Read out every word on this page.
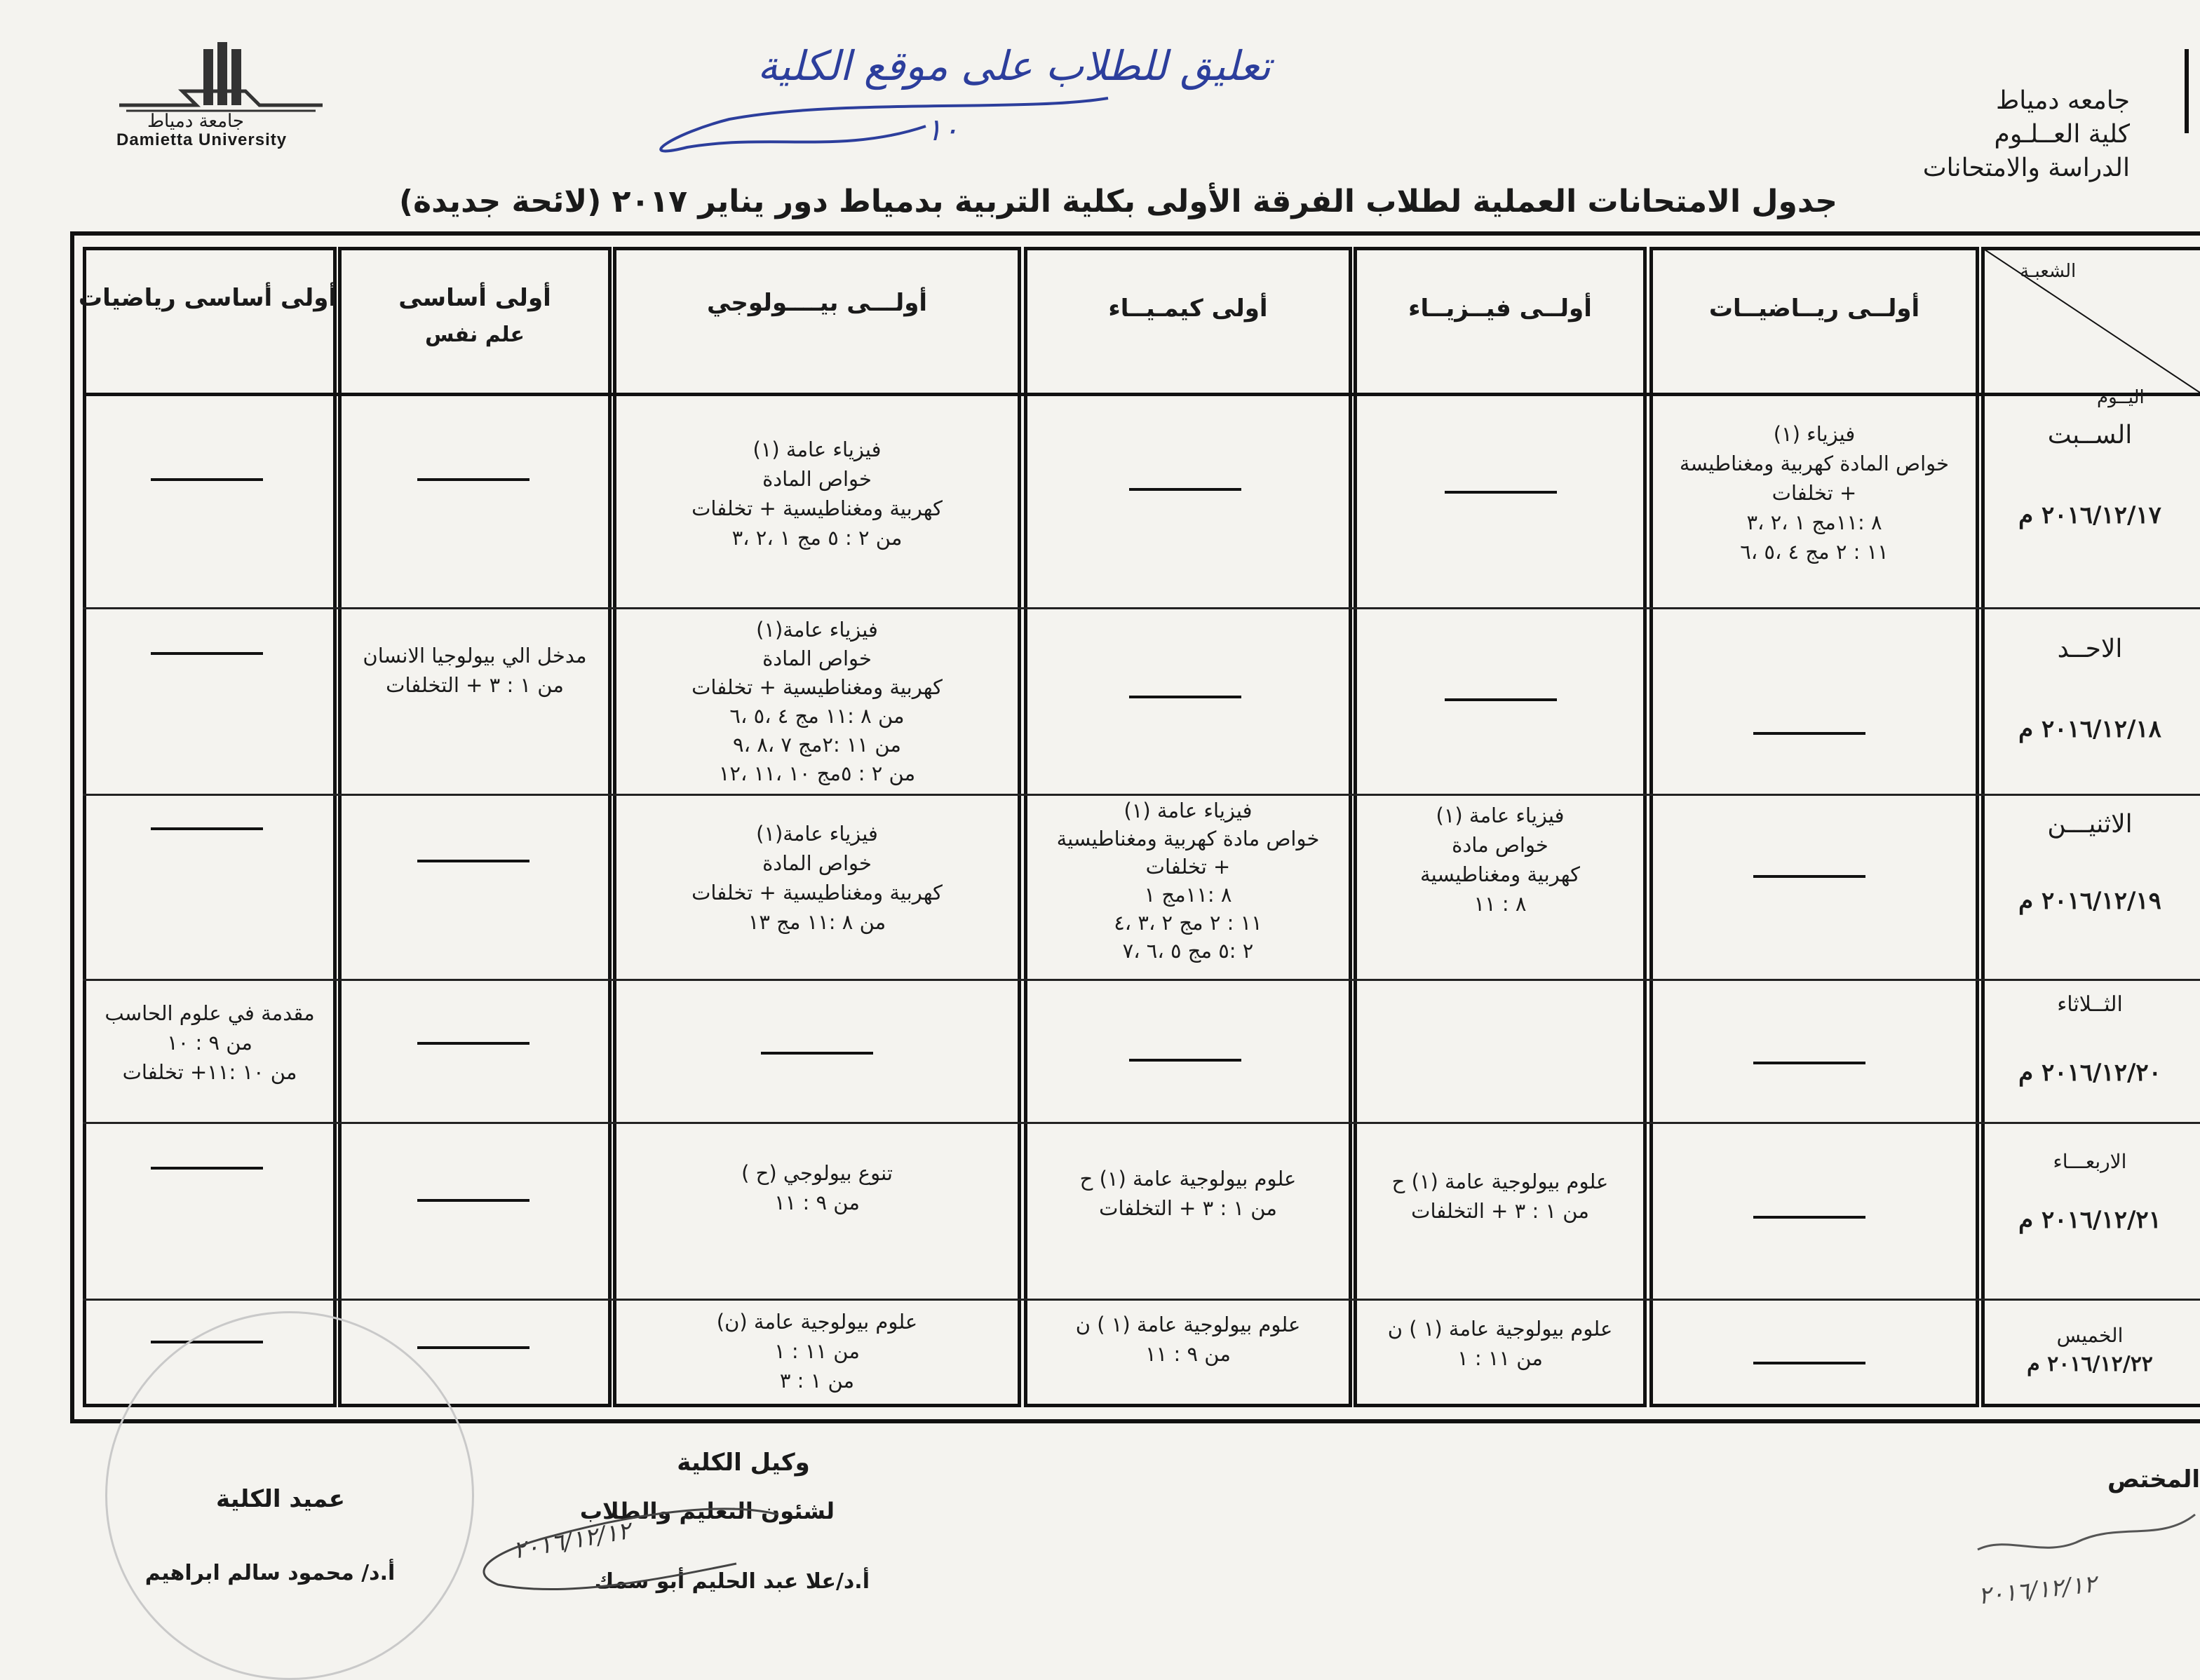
تعليق للطلاب على موقع الكلية
١٠
جامعة دمياط
Damietta University
جامعه دمياط
كلية العــلـوم
الدراسة والامتحانات
جدول الامتحانات العملية لطلاب الفرقة الأولى بكلية التربية بدمياط دور يناير ٢٠١٧ (لائحة جديدة)
الشعبـة
اليــوم
أولــى ريــاضيــات
أولــى فيــزيــاء
أولى كيمـيــاء
أولـــى بيــــولوجي
أولى أساسى
علم نفس
أولى أساسى رياضيات
الســبت
٢٠١٦/١٢/١٧ م
الاحــد
٢٠١٦/١٢/١٨ م
الاثنيـــن
٢٠١٦/١٢/١٩ م
الثــلاثاء
٢٠١٦/١٢/٢٠ م
الاربعـــاء
٢٠١٦/١٢/٢١ م
الخميس
٢٠١٦/١٢/٢٢ م
فيزياء (١)
خواص المادة كهربية ومغناطيسة
+ تخلفات
٨ :١١مج ١ ،٢ ،٣
١١ : ٢ مج ٤ ،٥ ،٦
فيزياء عامة (١)
خواص المادة
كهربية ومغناطيسية + تخلفات
من ٢ : ٥ مج ١ ،٢ ،٣
فيزياء عامة(١)
خواص المادة
كهربية ومغناطيسية + تخلفات
من ٨ :١١ مج ٤ ،٥ ،٦
من ١١ :٢مج ٧ ،٨ ،٩
من ٢ : ٥مج ١٠ ،١١ ،١٢
مدخل الي بيولوجيا الانسان
من ١ : ٣ + التخلفات
فيزياء عامة (١)
خواص مادة
كهربية ومغناطيسية
٨ : ١١
فيزياء عامة (١)
خواص مادة كهربية ومغناطيسية
+ تخلفات
٨ :١١مج ١
١١ : ٢ مج ٢ ،٣ ،٤
٢ :٥ مج ٥ ،٦ ،٧
فيزياء عامة(١)
خواص المادة
كهربية ومغناطيسية + تخلفات
من ٨ :١١ مج ١٣
مقدمة في علوم الحاسب
من ٩ : ١٠
من ١٠ :١١+ تخلفات
علوم بيولوجية عامة (١) ح
من ١ : ٣ + التخلفات
علوم بيولوجية عامة (١) ح
من ١ : ٣ + التخلفات
تنوع بيولوجي (ح )
من ٩ : ١١
علوم بيولوجية عامة (١ ) ن
من ١١ : ١
علوم بيولوجية عامة (١ ) ن
من ٩ : ١١
علوم بيولوجية عامة (ن)
من ١١ : ١
من ١ : ٣
عميد الكلية
أ.د/ محمود سالم ابراهيم
وكيل الكلية
لشئون التعليم والطلاب
أ.د/علا عبد الحليم أبو سمك
٢٠١٦/١٢/١٢
المختص
٢٠١٦/١٢/١٢
